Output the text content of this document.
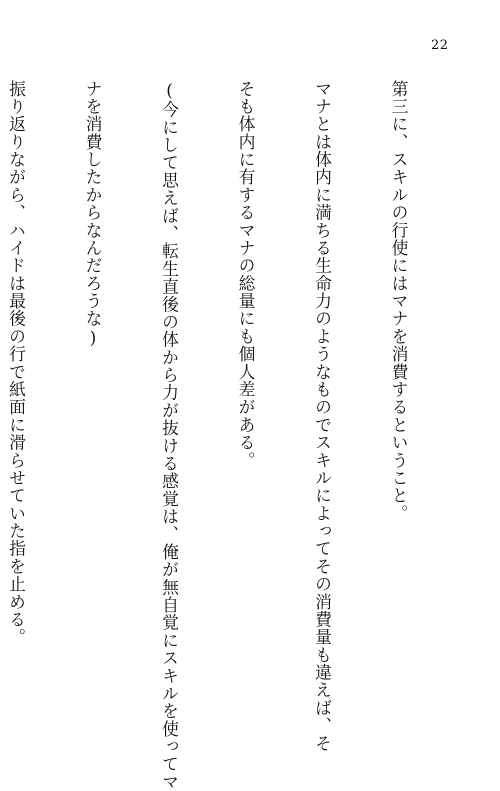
22

第三に、スキルの行使にはマナを消費するということ。

マナとは体内に満ちる生命力のようなものでスキルによってその消費量も違えば、そ

そも体内に有するマナの総量にも個人差がある。

(今にして思えば、転生直後の体から力が抜ける感覚は、俺が無自覚にスキルを使ってマ

ナを消費したからなんだろうな)

振り返りながら、ハイドは最後の行で紙面に滑らせていた指を止める。
